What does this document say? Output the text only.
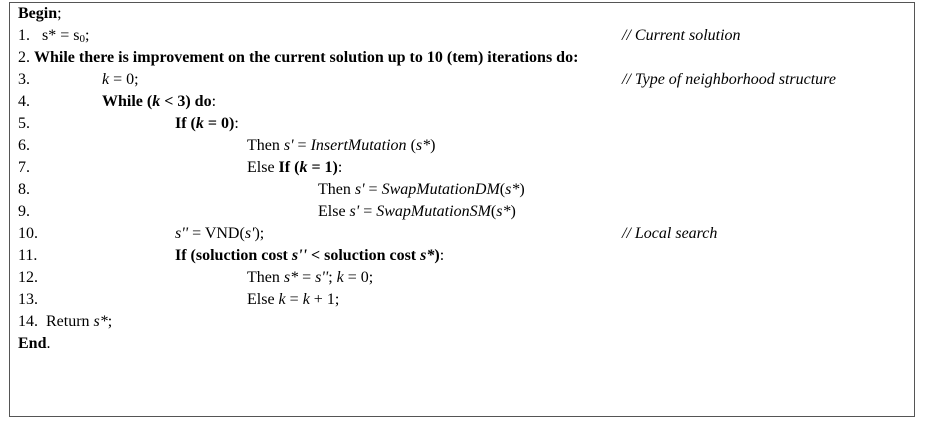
Begin;
1.   $s* = s_0$;	// Current solution
2. While there is improvement on the current solution up to 10 (tem) iterations do:
3.	k = 0;	// Type of neighborhood structure
4.	While (k < 3) do:
5.	If (k = 0):
6.	Then s' = InsertMutation (s*)
7.	Else If (k = 1):
8.	Then s' = SwapMutationDM(s*)
9.	Else s' = SwapMutationSM(s*)
10.	s'' = VND(s');	// Local search
11.	If (soluction cost s'' < soluction cost s*):
12.	Then s* = s''; k = 0;
13.	Else k = k + 1;
14.  Return s*;
End.
